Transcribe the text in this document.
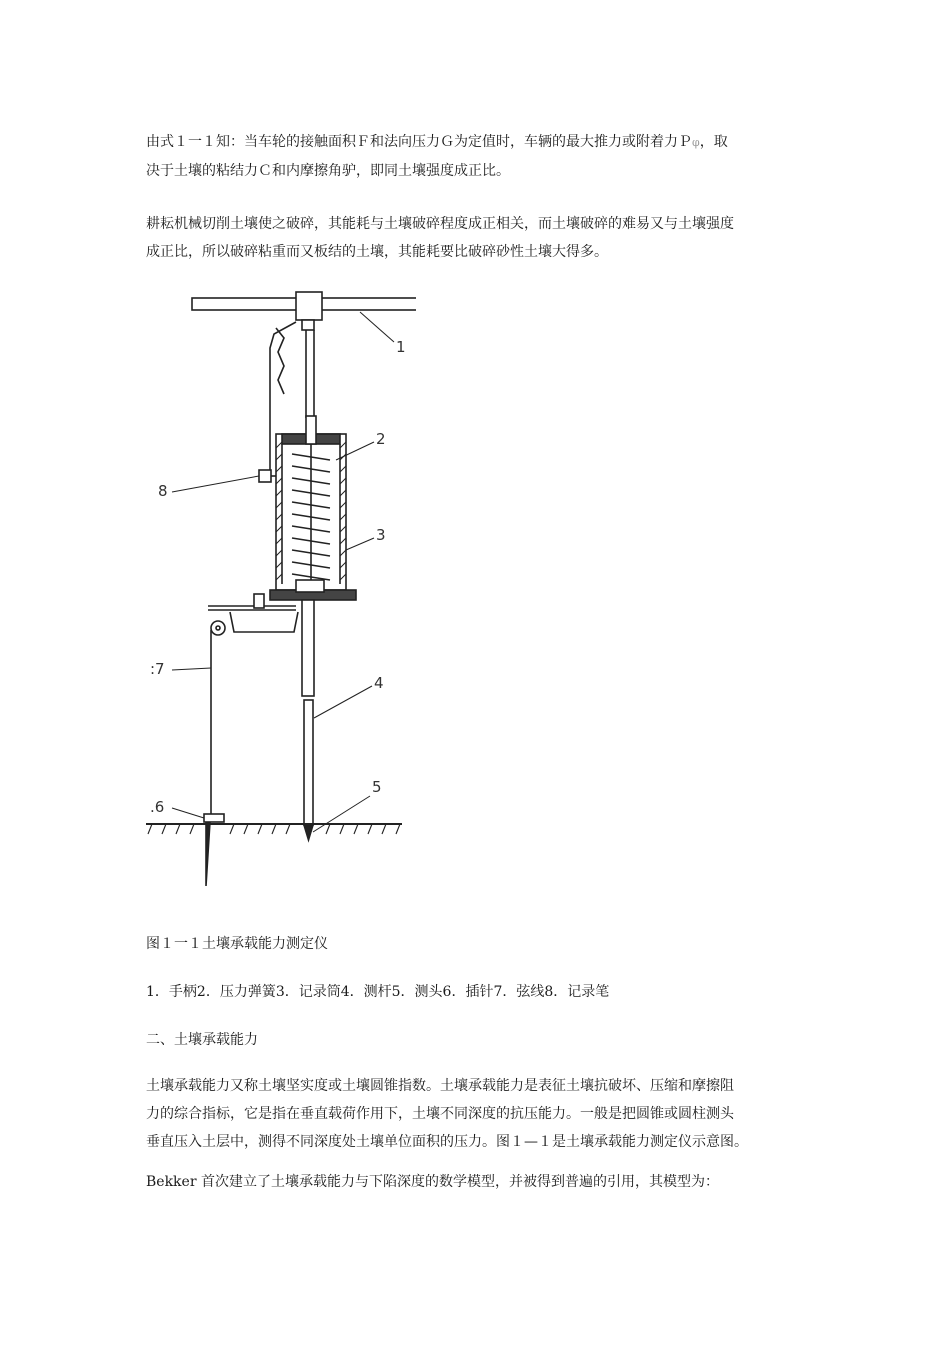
由式１一１知：当车轮的接触面积Ｆ和法向压力Ｇ为定值时，车辆的最大推力或附着力Ｐφ，取
决于土壤的粘结力Ｃ和内摩擦角驴，即同土壤强度成正比。

耕耘机械切削土壤使之破碎，其能耗与土壤破碎程度成正相关，而土壤破碎的难易又与土壤强度
成正比，所以破碎粘重而又板结的土壤，其能耗要比破碎砂性土壤大得多。

1
2
3
4
5
.6
:7
8

图１一１土壤承载能力测定仪

1．手柄2．压力弹簧3．记录筒4．测杆5．测头6．插针7．弦线8．记录笔

二、土壤承载能力

土壤承载能力又称土壤坚实度或土壤圆锥指数。土壤承载能力是表征土壤抗破坏、压缩和摩擦阻
力的综合指标，它是指在垂直载荷作用下，土壤不同深度的抗压能力。一般是把圆锥或圆柱测头
垂直压入土层中，测得不同深度处土壤单位面积的压力。图１—１是土壤承载能力测定仪示意图。

Bekker 首次建立了土壤承载能力与下陷深度的数学模型，并被得到普遍的引用，其模型为：
